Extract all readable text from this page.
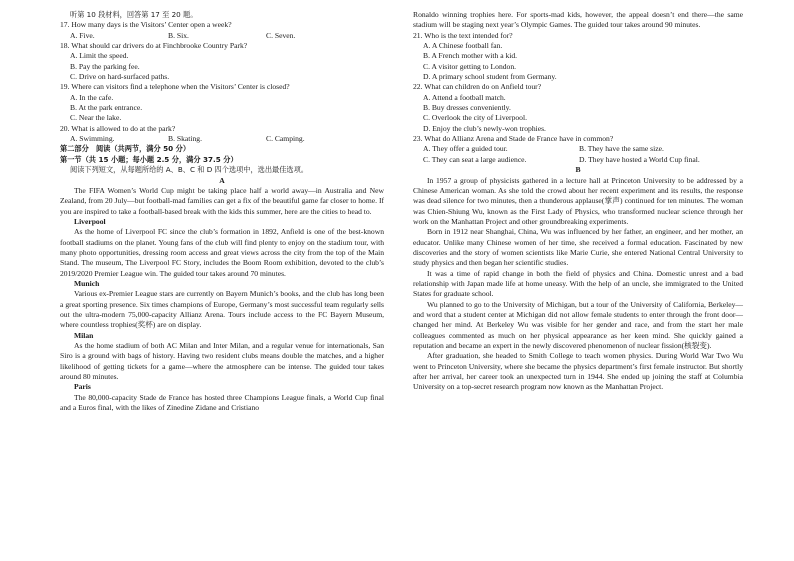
听第 10 段材料，回答第 17 至 20 题。

17. How many days is the Visitors’ Center open a week?

A. Five.	B. Six.	C. Seven.

18. What should car drivers do at Finchbrooke Country Park?

A. Limit the speed.

B. Pay the parking fee.

C. Drive on hard-surfaced paths.

19. Where can visitors find a telephone when the Visitors’ Center is closed?

A. In the cafe.

B. At the park entrance.

C. Near the lake.

20. What is allowed to do at the park?

A. Swimming.	B. Skating.	C. Camping.

第二部分　阅读（共两节，满分 50 分）

第一节（共 15 小题；每小题 2.5 分，满分 37.5 分）

阅读下列短文，从每题所给的 A、B、C 和 D 四个选项中，选出最佳选项。

A

The FIFA Women’s World Cup might be taking place half a world away—in Australia and New Zealand, from 20 July—but football-mad families can get a fix of the beautiful game far closer to home. If you are inspired to take a football-based break with the kids this summer, here are the cities to head to.

Liverpool

As the home of Liverpool FC since the club’s formation in 1892, Anfield is one of the best-known football stadiums on the planet. Young fans of the club will find plenty to enjoy on the stadium tour, with many photo opportunities, dressing room access and great views across the city from the top of the Main Stand. The museum, The Liverpool FC Story, includes the Boom Room exhibition, devoted to the club’s 2019/2020 Premier League win. The guided tour takes around 70 minutes.

Munich

Various ex-Premier League stars are currently on Bayern Munich’s books, and the club has long been a great sporting presence. Six times champions of Europe, Germany’s most successful team regularly sells out the ultra-modern 75,000-capacity Allianz Arena. Tours include access to the FC Bayern Museum, where countless trophies(奖杯) are on display.

Milan

As the home stadium of both AC Milan and Inter Milan, and a regular venue for internationals, San Siro is a ground with bags of history. Having two resident clubs means double the matches, and a higher likelihood of getting tickets for a game—where the atmosphere can be intense. The guided tour takes around 80 minutes.

Paris

The 80,000-capacity Stade de France has hosted three Champions League finals, a World Cup final and a Euros final, with the likes of Zinedine Zidane and Cristiano

Ronaldo winning trophies here. For sports-mad kids, however, the appeal doesn’t end there—the same stadium will be staging next year’s Olympic Games. The guided tour takes around 90 minutes.

21. Who is the text intended for?

A. A Chinese football fan.

B. A French mother with a kid.

C. A visitor getting to London.

D. A primary school student from Germany.

22. What can children do on Anfield tour?

A. Attend a football match.

B. Buy dresses conveniently.

C. Overlook the city of Liverpool.

D. Enjoy the club’s newly-won trophies.

23. What do Allianz Arena and Stade de France have in common?

A. They offer a guided tour.	B. They have the same size.
C. They can seat a large audience.	D. They have hosted a World Cup final.

B

In 1957 a group of physicists gathered in a lecture hall at Princeton University to be addressed by a Chinese American woman. As she told the crowd about her recent experiment and its results, the response was dead silence for two minutes, then a thunderous applause(掌声) continued for ten minutes. The woman was Chien-Shiung Wu, known as the First Lady of Physics, who transformed nuclear science through her work on the Manhattan Project and other groundbreaking experiments.

Born in 1912 near Shanghai, China, Wu was influenced by her father, an engineer, and her mother, an educator. Unlike many Chinese women of her time, she received a formal education. Fascinated by new discoveries and the story of women scientists like Marie Curie, she entered National Central University to study physics and then began her scientific studies.

It was a time of rapid change in both the field of physics and China. Domestic unrest and a bad relationship with Japan made life at home uneasy. With the help of an uncle, she immigrated to the United States for graduate school.

Wu planned to go to the University of Michigan, but a tour of the University of California, Berkeley—and word that a student center at Michigan did not allow female students to enter through the front door—changed her mind. At Berkeley Wu was visible for her gender and race, and from the start her male colleagues commented as much on her physical appearance as her keen mind. She quickly gained a reputation and became an expert in the newly discovered phenomenon of nuclear fission(核裂变).

After graduation, she headed to Smith College to teach women physics. During World War Two Wu went to Princeton University, where she became the physics department’s first female instructor. But shortly after her arrival, her career took an unexpected turn in 1944. She ended up joining the staff at Columbia University on a top-secret research program now known as the Manhattan Project.
